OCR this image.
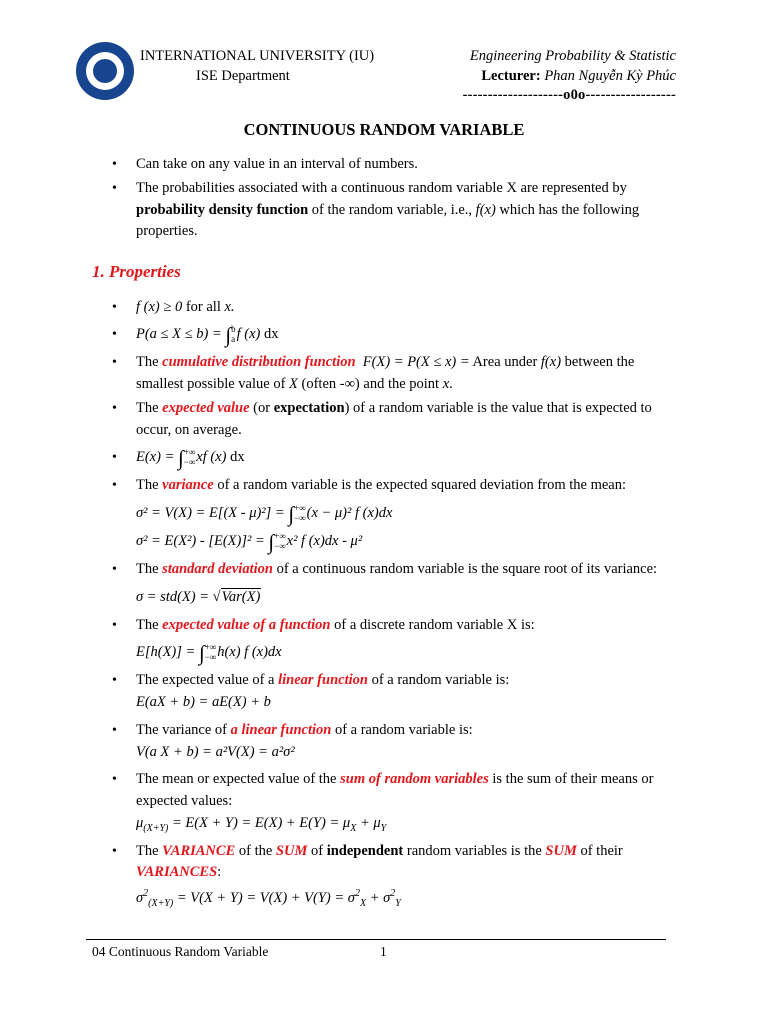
INTERNATIONAL UNIVERSITY (IU)
ISE Department
Engineering Probability & Statistic
Lecturer: Phan Nguyễn Kỳ Phúc
--------------------o0o------------------
CONTINUOUS RANDOM VARIABLE
• Can take on any value in an interval of numbers.
• The probabilities associated with a continuous random variable X are represented by probability density function of the random variable, i.e., f(x) which has the following properties.
1. Properties
• f (x) ≥ 0 for all x.
• P(a ≤ X ≤ b) = ∫ b
a f (x) dx
• The cumulative distribution function F(X) = P(X ≤ x) = Area under f(x) between the smallest possible value of X (often -∞) and the point x.
• The expected value (or expectation) of a random variable is the value that is expected to occur, on average.
• E(x) = ∫ +∞
−∞ xf (x) dx
• The variance of a random variable is the expected squared deviation from the mean:
σ² = V(X) = E[(X - μ)²] = ∫ +∞
−∞ (x − μ)² f (x)dx
σ² = E(X²) - [E(X)]² = ∫ +∞
−∞ x² f (x)dx - μ²
• The standard deviation of a continuous random variable is the square root of its variance:
σ = std(X) = √Var(X)
• The expected value of a function of a discrete random variable X is:
E[h(X)] = ∫ +∞
−∞ h(x) f (x)dx
• The expected value of a linear function of a random variable is:
E(aX + b) = aE(X) + b
• The variance of a linear function of a random variable is:
V(a X + b) = a²V(X) = a²σ²
• The mean or expected value of the sum of random variables is the sum of their means or expected values:
$\mu_{(X+Y)} = E(X + Y) = E(X) + E(Y) = \mu_X + \mu_Y$
• The VARIANCE of the SUM of independent random variables is the SUM of their VARIANCES:
$\sigma^2_{(X+Y)} = V(X + Y) = V(X) + V(Y) = \sigma^2_X + \sigma^2_Y$
04 Continuous Random Variable	1
